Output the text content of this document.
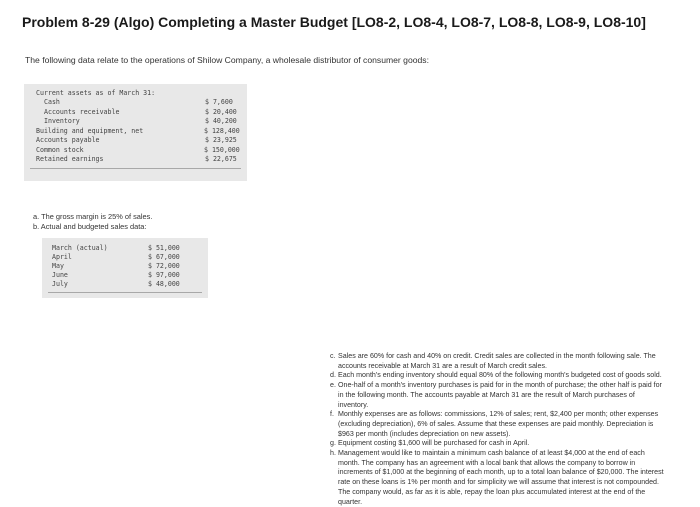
Problem 8-29 (Algo) Completing a Master Budget [LO8-2, LO8-4, LO8-7, LO8-8, LO8-9, LO8-10]
The following data relate to the operations of Shilow Company, a wholesale distributor of consumer goods:
Current assets as of March 31:
Cash	$ 7,600
Accounts receivable	$ 20,400
Inventory	$ 40,200
Building and equipment, net	$ 128,400
Accounts payable	$ 23,925
Common stock	$ 150,000
Retained earnings	$ 22,675
a. The gross margin is 25% of sales.
b. Actual and budgeted sales data:
March (actual)	$ 51,000
April	$ 67,000
May	$ 72,000
June	$ 97,000
July	$ 48,000
c. Sales are 60% for cash and 40% on credit. Credit sales are collected in the month following sale. The accounts receivable at March 31 are a result of March credit sales.
d. Each month's ending inventory should equal 80% of the following month's budgeted cost of goods sold.
e. One-half of a month's inventory purchases is paid for in the month of purchase; the other half is paid for in the following month. The accounts payable at March 31 are the result of March purchases of inventory.
f. Monthly expenses are as follows: commissions, 12% of sales; rent, $2,400 per month; other expenses (excluding depreciation), 6% of sales. Assume that these expenses are paid monthly. Depreciation is $963 per month (includes depreciation on new assets).
g. Equipment costing $1,600 will be purchased for cash in April.
h. Management would like to maintain a minimum cash balance of at least $4,000 at the end of each month. The company has an agreement with a local bank that allows the company to borrow in increments of $1,000 at the beginning of each month, up to a total loan balance of $20,000. The interest rate on these loans is 1% per month and for simplicity we will assume that interest is not compounded. The company would, as far as it is able, repay the loan plus accumulated interest at the end of the quarter.
